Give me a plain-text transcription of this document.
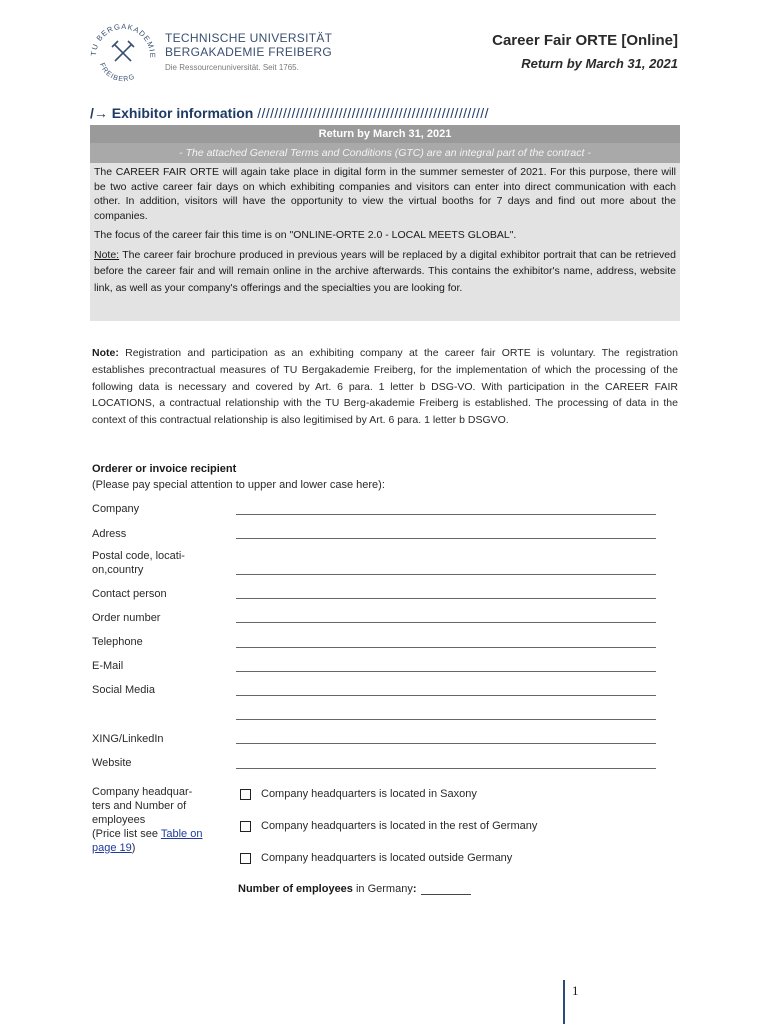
TU BERGAKADEMIE
FREIBERG
TECHNISCHE UNIVERSITÄT
BERGAKADEMIE FREIBERG
Die Ressourcenuniversität. Seit 1765.
Career Fair ORTE [Online]
Return by March 31, 2021
/→ Exhibitor information //////////////////////////////////////////////////////
Return by March 31, 2021
- The attached General Terms and Conditions (GTC) are an integral part of the contract -

The CAREER FAIR ORTE will again take place in digital form in the summer semester of 2021. For this purpose, there will be two active career fair days on which exhibiting companies and visitors can enter into direct communication with each other. In addition, visitors will have the opportunity to view the virtual booths for 7 days and find out more about the companies.

The focus of the career fair this time is on "ONLINE-ORTE 2.0 - LOCAL MEETS GLOBAL".

Note: The career fair brochure produced in previous years will be replaced by a digital exhibitor portrait that can be retrieved before the career fair and will remain online in the archive afterwards. This contains the exhibitor's name, address, website link, as well as your company's offerings and the specialties you are looking for.

Note: Registration and participation as an exhibiting company at the career fair ORTE is voluntary. The registration establishes precontractual measures of TU Bergakademie Freiberg, for the implementation of which the processing of the following data is necessary and covered by Art. 6 para. 1 letter b DSG-VO. With participation in the CAREER FAIR LOCATIONS, a contractual relationship with the TU Berg-akademie Freiberg is established. The processing of data in the context of this contractual relationship is also legitimised by Art. 6 para. 1 letter b DSGVO.
Orderer or invoice recipient
(Please pay special attention to upper and lower case here):
Company
Adress
Postal code, locati-
on,country
Contact person
Order number
Telephone
E-Mail
Social Media
XING/LinkedIn
Website
Company headquar-
ters and Number of
employees
(Price list see Table on page 19)
Company headquarters is located in Saxony
Company headquarters is located in the rest of Germany
Company headquarters is located outside Germany
Number of employees in Germany:
1
